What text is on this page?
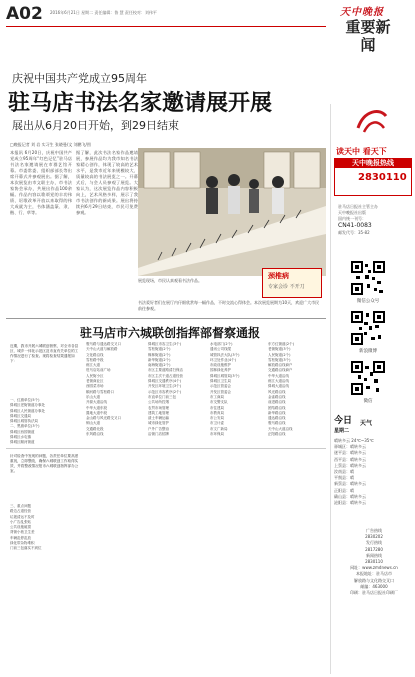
A02 2016年6月21日 星期二 责任编辑：鲁 慧 责任校对：刘伟平	天中晚报
重要新闻
庆祝中国共产党成立95周年
驻马店书法名家邀请展开展
展出从6月20日开始，到29日结束
□晚报记者 刘 岩 实习生 张晓曼/文 刘鹏飞/图
本报讯 6月20日，庆祝中国共产党成立95周年“红色记忆”驻马店书法名家邀请展在市群艺馆开幕。市委常委、组织部部长等出席开幕式并参观展出。据了解，本次展览由市文联主办，市书法家协会承办，共展出作品100余幅。作品内容以歌颂党的丰功伟绩、讴歌改革开放以来取得的伟大成就为主，书体涵盖篆、隶、楷、行、草等。
据了解，此次书法名家作品邀请展，参展作品均为我市知名书法家精心创作，体现了较高的艺术水平，是我市近年来规模较大、质量较高的书法展览之一。开幕式后，与会人员参观了展览。大家认为，这次展览作品内容积极向上，艺术风格多样，展示了我市书法创作的新成果。展出将持续到6月29日结束，市民可免费参观。
颈椎病
专家会诊 不开刀
展览现场，市民认真观看书法作品。
书法爱好者们在展厅内仔细欣赏每一幅作品，不时交流心得体会。本次展览展期为10天，欢迎广大市民前往参观。
驻马店市六城联创指挥部督察通报
近期，我市开展六城联创督察，对全市各县区、城乡一体化示范区及市直有关单位的工作情况进行了检查。现将检查结果通报如下：
针对检查中发现的问题，各责任单位要高度重视，立即整改，确保六城联创工作取得实效，并将整改情况报市六城联创指挥部办公室。
一、红旗单位(5个)
驿城区老街街道办事处
驿城区人民街道办事处
驿城区交通局
驿城区城管执法局
二、黑旗单位(3个)
驿城区西园街道
驿城区水屯镇
驿城区顺河街道
三、重点问题
路边占道经营
垃圾清运不及时
小广告乱张贴
公共设施破损
背街小巷卫生差
车辆乱停乱放
绿化带杂物堆积
门前三包落实不到位
骏马路与通达路交叉口
天中山大道与解放路
文化路沿线
雪松路中段
练江大道
驻马店站前广场
人民街小区
老街商业区
西园菜市场
顺河路与雪松路口
乐山大道
开源大道沿线
中华大道东段
置地大道中段
金山路与风光路交叉口
铜山大道
交通路北段
东风路沿线
驿城区市容卫生(3个)
雪松街道(2个)
橡林街道(2个)
新华街道(2个)
南海街道(2个)
市区主要道路清扫保洁
市区主次干道占道经营
驿城区交通秩序(4个)
开发区环境卫生(3个)
示范区市容秩序(2个)
市直单位门前三包
公共场所控烟
农贸市场管理
建筑工地管理
渣土车辆运输
城市绿化管护
户外广告整治
沿街门店招牌
水电部门(2个)
通讯公司线缆
城管执法大队(3个)
环卫处作业(4个)
市政设施维护
园林绿化养护
驿城区城管局(3个)
驿城区卫生局
示范区管委会
开发区管委会
市工商局
市交警支队
市住建局
市教育局
市公安局
市卫计委
市文广新局
市环保局
东方红街道(2个)
老街街道(3个)
人民街道(2个)
雪松街道(3个)
解放路沿线商户
交通路沿线商户
中华大道沿线
练江大道沿线
驿城大道沿线
风光路沿线
金雀路沿线
前进路沿线
团结路沿线
新华路沿线
通达路沿线
骏马路沿线
天中山大道沿线
正阳路沿线
读天中 看天下
天中晚报热线
2830110
驻马店日报社主管主办
天中晚报社出版
国内统一刊号：
CN41-0083
邮发代号：35-82
微信公众号
新浪微博
微信
今日
星期二
天气
晴转多云 24℃~35℃
驿城区：晴转多云
遂平县：晴转多云
西平县：晴转多云
上蔡县：晴转多云
汝南县：晴
平舆县：晴
新蔡县：晴转多云
正阳县：晴
确山县：晴转多云
泌阳县：晴转多云
广告热线
2830202
发行热线
2817280
新闻热线
2830110
网址：www.zmdnews.cn
本报地址：驻马店市
解放路与文化路交叉口
邮编：463000
印刷：驻马店日报社印刷厂
